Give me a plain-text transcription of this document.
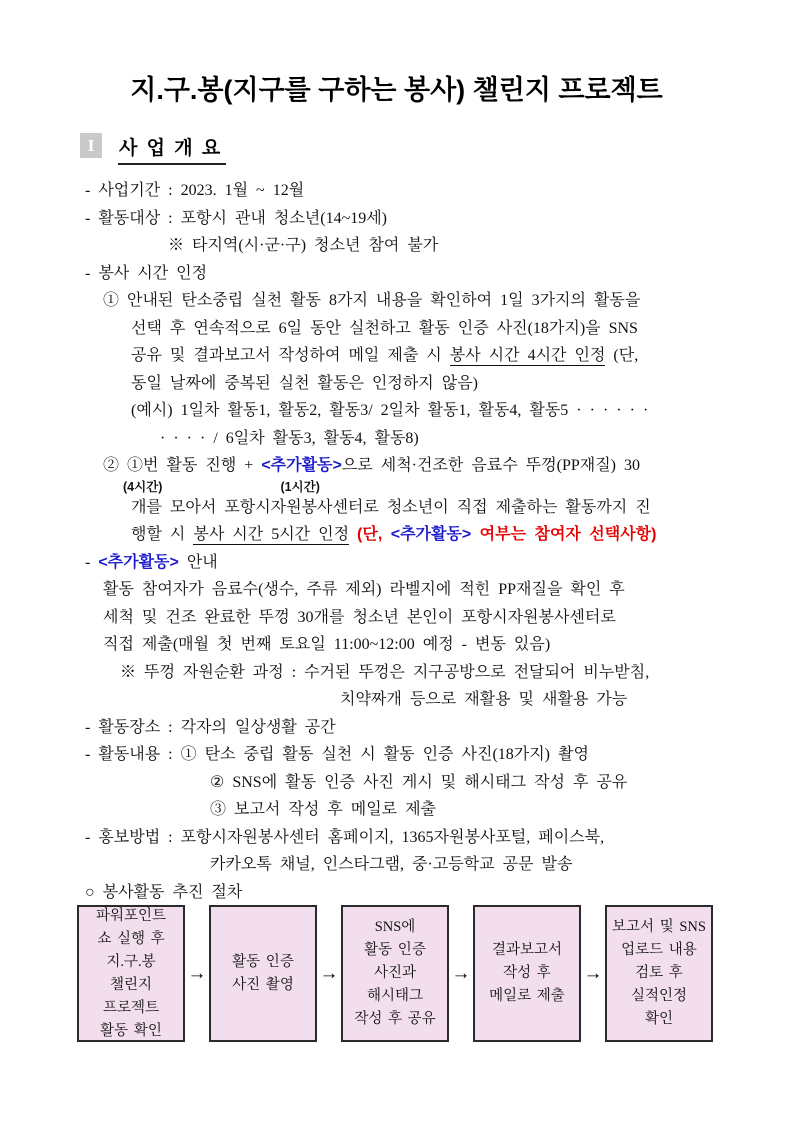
지.구.봉(지구를 구하는 봉사) 챌린지 프로젝트
I	사 업 개 요
- 사업기간 : 2023. 1월 ~ 12월
- 활동대상 : 포항시 관내 청소년(14~19세)
※ 타지역(시·군·구) 청소년 참여 불가
- 봉사 시간 인정
① 안내된 탄소중립 실천 활동 8가지 내용을 확인하여 1일 3가지의 활동을
선택 후 연속적으로 6일 동안 실천하고 활동 인증 사진(18가지)을 SNS
공유 및 결과보고서 작성하여 메일 제출 시 봉사 시간 4시간 인정 (단,
동일 날짜에 중복된 실천 활동은 인정하지 않음)
(예시) 1일차 활동1, 활동2, 활동3/ 2일차 활동1, 활동4, 활동5 · · · · · ·
· · · · / 6일차 활동3, 활동4, 활동8)
② ①번 활동 진행 + <추가활동>으로 세척·건조한 음료수 뚜껑(PP재질) 30
(4시간)	(1시간)
개를 모아서 포항시자원봉사센터로 청소년이 직접 제출하는 활동까지 진
행할 시 봉사 시간 5시간 인정 (단, <추가활동> 여부는 참여자 선택사항)
- <추가활동> 안내
활동 참여자가 음료수(생수, 주류 제외) 라벨지에 적힌 PP재질을 확인 후
세척 및 건조 완료한 뚜껑 30개를 청소년 본인이 포항시자원봉사센터로
직접 제출(매월 첫 번째 토요일 11:00~12:00 예정 - 변동 있음)
※ 뚜껑 자원순환 과정 : 수거된 뚜껑은 지구공방으로 전달되어 비누받침,
치약짜개 등으로 재활용 및 새활용 가능
- 활동장소 : 각자의 일상생활 공간
- 활동내용 : ① 탄소 중립 활동 실천 시 활동 인증 사진(18가지) 촬영
② SNS에 활동 인증 사진 게시 및 해시태그 작성 후 공유
③ 보고서 작성 후 메일로 제출
- 홍보방법 : 포항시자원봉사센터 홈페이지, 1365자원봉사포털, 페이스북,
카카오톡 채널, 인스타그램, 중·고등학교 공문 발송
○ 봉사활동 추진 절차
파워포인트
쇼 실행 후
지.구.봉
챌린지
프로젝트
활동 확인
→
활동 인증
사진 촬영
→
SNS에
활동 인증
사진과
해시태그
작성 후 공유
→
결과보고서
작성 후
메일로 제출
→
보고서 및 SNS
업로드 내용
검토 후
실적인정
확인
